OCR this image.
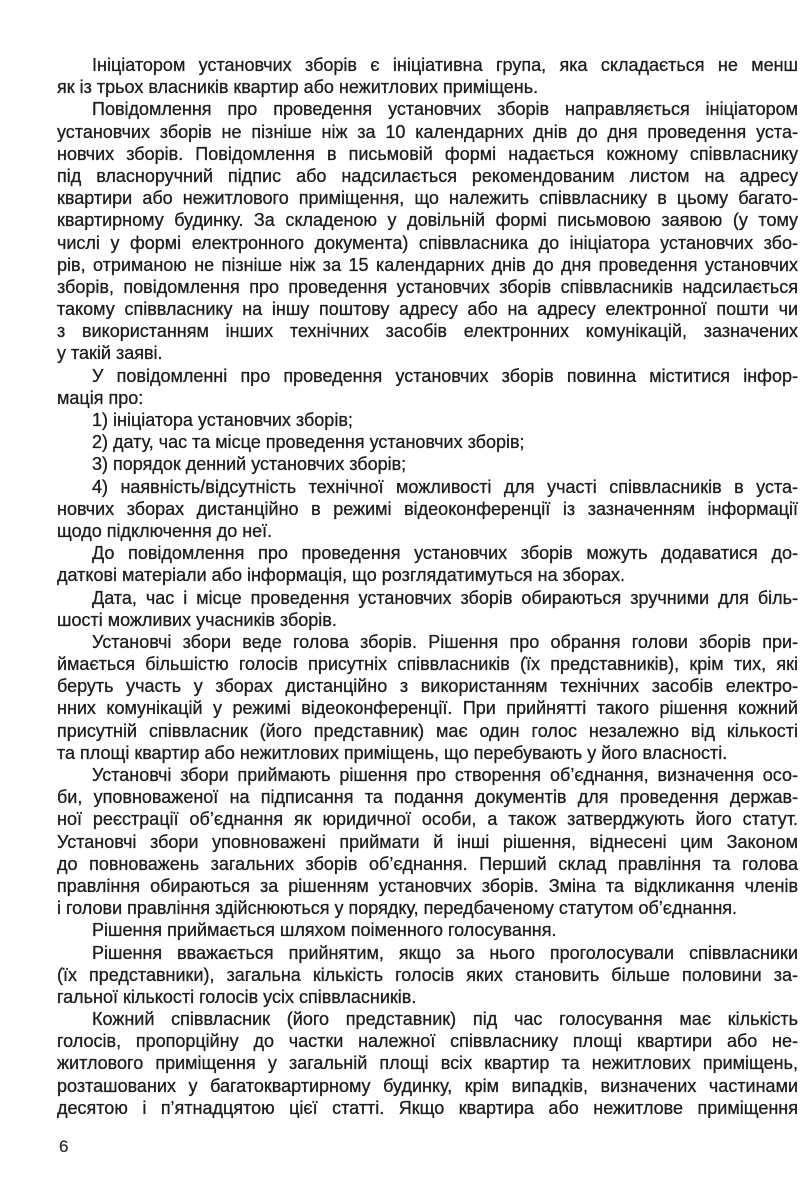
Ініціатором установчих зборів є ініціативна група, яка складається не менш
як із трьох власників квартир або нежитлових приміщень.
Повідомлення про проведення установчих зборів направляється ініціатором
установчих зборів не пізніше ніж за 10 календарних днів до дня проведення уста-
новчих зборів. Повідомлення в письмовій формі надається кожному співвласнику
під власноручний підпис або надсилається рекомендованим листом на адресу
квартири або нежитлового приміщення, що належить співвласнику в цьому багато-
квартирному будинку. За складеною у довільній формі письмовою заявою (у тому
числі у формі електронного документа) співвласника до ініціатора установчих збо-
рів, отриманою не пізніше ніж за 15 календарних днів до дня проведення установчих
зборів, повідомлення про проведення установчих зборів співвласників надсилається
такому співвласнику на іншу поштову адресу або на адресу електронної пошти чи
з використанням інших технічних засобів електронних комунікацій, зазначених
у такій заяві.
У повідомленні про проведення установчих зборів повинна міститися інфор-
мація про:
1) ініціатора установчих зборів;
2) дату, час та місце проведення установчих зборів;
3) порядок денний установчих зборів;
4) наявність/відсутність технічної можливості для участі співвласників в уста-
новчих зборах дистанційно в режимі відеоконференції із зазначенням інформації
щодо підключення до неї.
До повідомлення про проведення установчих зборів можуть додаватися до-
даткові матеріали або інформація, що розглядатимуться на зборах.
Дата, час і місце проведення установчих зборів обираються зручними для біль-
шості можливих учасників зборів.
Установчі збори веде голова зборів. Рішення про обрання голови зборів при-
ймається більшістю голосів присутніх співвласників (їх представників), крім тих, які
беруть участь у зборах дистанційно з використанням технічних засобів електро-
нних комунікацій у режимі відеоконференції. При прийнятті такого рішення кожний
присутній співвласник (його представник) має один голос незалежно від кількості
та площі квартир або нежитлових приміщень, що перебувають у його власності.
Установчі збори приймають рішення про створення об’єднання, визначення осо-
би, уповноваженої на підписання та подання документів для проведення держав-
ної реєстрації об’єднання як юридичної особи, а також затверджують його статут.
Установчі збори уповноважені приймати й інші рішення, віднесені цим Законом
до повноважень загальних зборів об’єднання. Перший склад правління та голова
правління обираються за рішенням установчих зборів. Зміна та відкликання членів
і голови правління здійснюються у порядку, передбаченому статутом об’єднання.
Рішення приймається шляхом поіменного голосування.
Рішення вважається прийнятим, якщо за нього проголосували співвласники
(їх представники), загальна кількість голосів яких становить більше половини за-
гальної кількості голосів усіх співвласників.
Кожний співвласник (його представник) під час голосування має кількість
голосів, пропорційну до частки належної співвласнику площі квартири або не-
житлового приміщення у загальній площі всіх квартир та нежитлових приміщень,
розташованих у багатоквартирному будинку, крім випадків, визначених частинами
десятою і п’ятнадцятою цієї статті. Якщо квартира або нежитлове приміщення
6
